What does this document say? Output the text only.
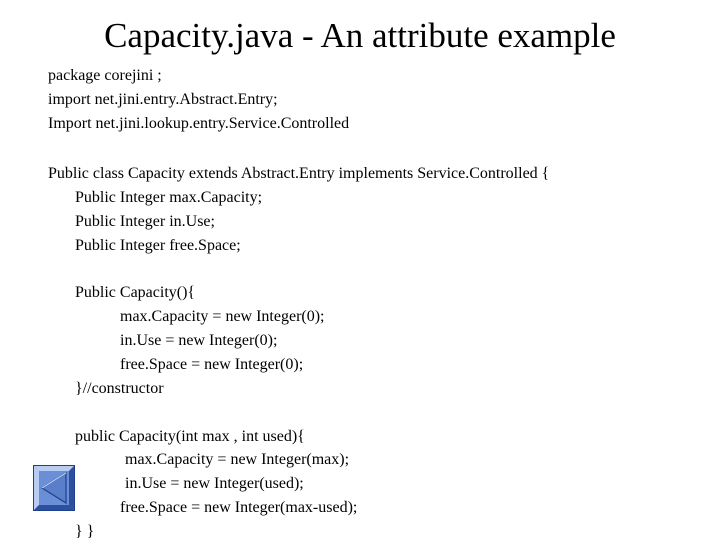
Capacity.java - An attribute example
package corejini ;
import net.jini.entry.Abstract.Entry;
Import net.jini.lookup.entry.Service.Controlled
Public class Capacity extends Abstract.Entry implements Service.Controlled {
Public Integer max.Capacity;
Public Integer in.Use;
Public Integer free.Space;
Public Capacity(){
max.Capacity = new Integer(0);
in.Use = new Integer(0);
free.Space = new Integer(0);
}//constructor
public Capacity(int max , int used){
max.Capacity = new Integer(max);
in.Use = new Integer(used);
free.Space = new Integer(max-used);
} }
